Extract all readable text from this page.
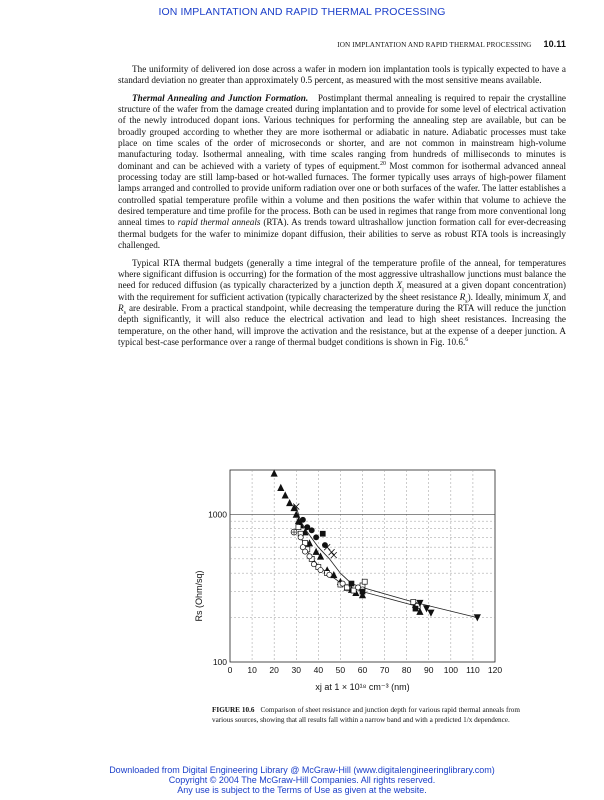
ION IMPLANTATION AND RAPID THERMAL PROCESSING
ION IMPLANTATION AND RAPID THERMAL PROCESSING 10.11

The uniformity of delivered ion dose across a wafer in modern ion implantation tools is typically expected to have a standard deviation no greater than approximately 0.5 percent, as measured with the most sensitive means available.

Thermal Annealing and Junction Formation. Postimplant thermal annealing is required to repair the crystalline structure of the wafer from the damage created during implantation and to provide for some level of electrical activation of the newly introduced dopant ions. Various techniques for performing the annealing step are available, but can be broadly grouped according to whether they are more isothermal or adiabatic in nature. Adiabatic processes must take place on time scales of the order of microseconds or shorter, and are not common in mainstream high-volume manufacturing today. Isothermal annealing, with time scales ranging from hundreds of milliseconds to minutes is dominant and can be achieved with a variety of types of equipment.$^{20}$ Most common for isothermal advanced anneal processing today are still lamp-based or hot-walled furnaces. The former typically uses arrays of high-power filament lamps arranged and controlled to provide uniform radiation over one or both surfaces of the wafer. The latter establishes a controlled spatial temperature profile within a volume and then positions the wafer within that volume to achieve the desired temperature and time profile for the process. Both can be used in regimes that range from more conventional long anneal times to rapid thermal anneals (RTA). As trends toward ultrashallow junction formation call for ever-decreasing thermal budgets for the wafer to minimize dopant diffusion, their abilities to serve as robust RTA tools is increasingly challenged.

Typical RTA thermal budgets (generally a time integral of the temperature profile of the anneal, for temperatures where significant diffusion is occurring) for the formation of the most aggressive ultrashallow junctions must balance the need for reduced diffusion (as typically characterized by a junction depth $X_j$ measured at a given dopant concentration) with the requirement for sufficient activation (typically characterized by the sheet resistance $R_s$). Ideally, minimum $X_j$ and $R_s$ are desirable. From a practical standpoint, while decreasing the temperature during the RTA will reduce the junction depth significantly, it will also reduce the electrical activation and lead to high sheet resistances. Increasing the temperature, on the other hand, will improve the activation and the resistance, but at the expense of a deeper junction. A typical best-case performance over a range of thermal budget conditions is shown in Fig. 10.6.$^6$

0 10 20 30 40 50 60 70 80 90 100 110 120
100
1000
xj at 1 × 10¹⁸ cm⁻³ (nm)
Rs (Ohm/sq)
FIGURE 10.6 Comparison of sheet resistance and junction depth for various rapid thermal anneals from various sources, showing that all results fall within a narrow band and with a predicted 1/x dependence.
Downloaded from Digital Engineering Library @ McGraw-Hill (www.digitalengineeringlibrary.com)
Copyright © 2004 The McGraw-Hill Companies. All rights reserved.
Any use is subject to the Terms of Use as given at the website.
